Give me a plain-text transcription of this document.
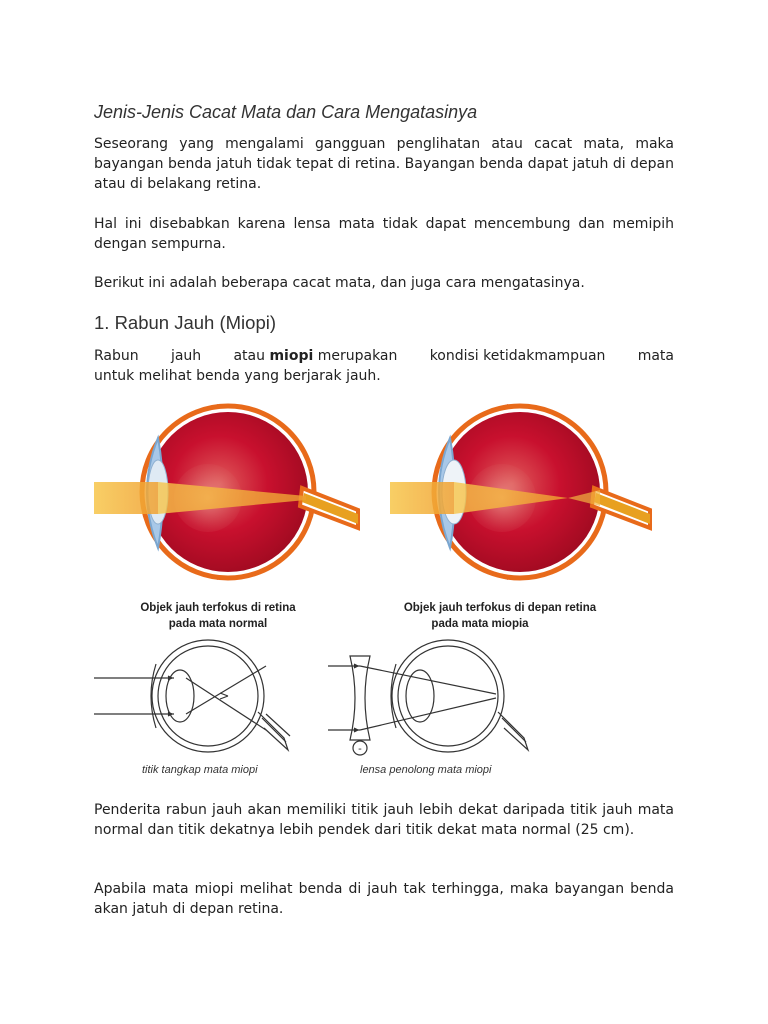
Jenis-Jenis Cacat Mata dan Cara Mengatasinya

Seseorang yang mengalami gangguan penglihatan atau cacat mata, maka bayangan benda jatuh tidak tepat di retina. Bayangan benda dapat jatuh di depan atau di belakang retina.

Hal ini disebabkan karena lensa mata tidak dapat mencembung dan memipih dengan sempurna.

Berikut ini adalah beberapa cacat mata, dan juga cara mengatasinya.

1. Rabun Jauh (Miopi)
Rabun jauh atau miopi merupakan kondisi ketidakmampuan mata
untuk melihat benda yang berjarak jauh.
Objek jauh terfokus di retina
pada mata normal
Objek jauh terfokus di depan retina
pada mata miopia
-
titik tangkap mata miopi	lensa penolong mata miopi

Penderita rabun jauh akan memiliki titik jauh lebih dekat daripada titik jauh mata normal dan titik dekatnya lebih pendek dari titik dekat mata normal (25 cm).

Apabila mata miopi melihat benda di jauh tak terhingga, maka bayangan benda akan jatuh di depan retina.
